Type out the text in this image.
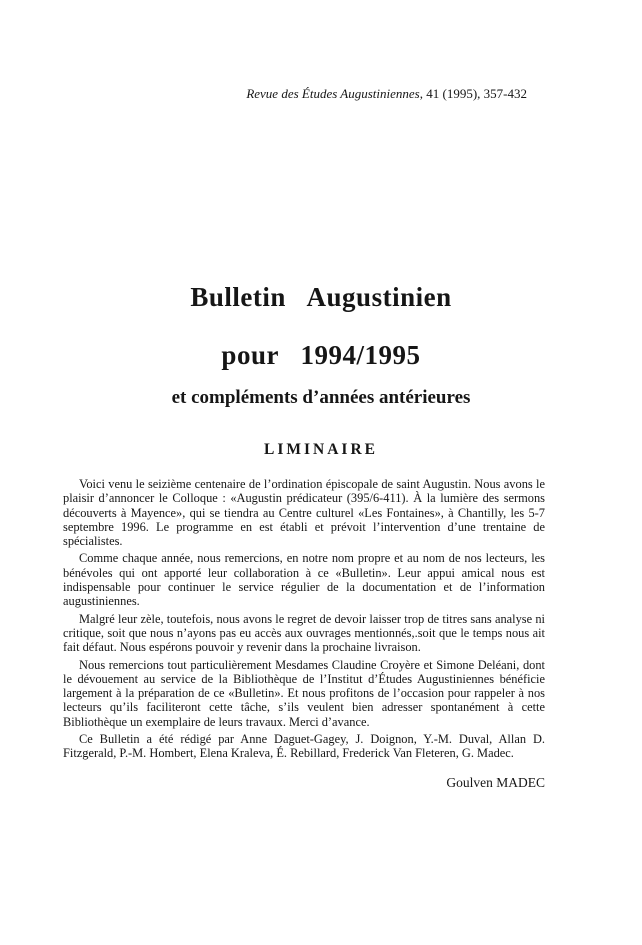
Revue des Études Augustiniennes, 41 (1995), 357-432
Bulletin Augustinien
pour 1994/1995
et compléments d’années antérieures
LIMINAIRE

Voici venu le seizième centenaire de l’ordination épiscopale de saint Augustin. Nous avons le plaisir d’annoncer le Colloque : «Augustin prédicateur (395/6-411). À la lumière des sermons découverts à Mayence», qui se tiendra au Centre culturel «Les Fontaines», à Chantilly, les 5-7 septembre 1996. Le programme en est établi et prévoit l’intervention d’une trentaine de spécialistes.

Comme chaque année, nous remercions, en notre nom propre et au nom de nos lecteurs, les bénévoles qui ont apporté leur collaboration à ce «Bulletin». Leur appui amical nous est indispensable pour continuer le service régulier de la documentation et de l’information augustiniennes.

Malgré leur zèle, toutefois, nous avons le regret de devoir laisser trop de titres sans analyse ni critique, soit que nous n’ayons pas eu accès aux ouvrages mentionnés,.soit que le temps nous ait fait défaut. Nous espérons pouvoir y revenir dans la prochaine livraison.

Nous remercions tout particulièrement Mesdames Claudine Croyère et Simone Deléani, dont le dévouement au service de la Bibliothèque de l’Institut d’Études Augustiniennes bénéficie largement à la préparation de ce «Bulletin». Et nous profitons de l’occasion pour rappeler à nos lecteurs qu’ils faciliteront cette tâche, s’ils veulent bien adresser spontanément à cette Bibliothèque un exemplaire de leurs travaux. Merci d’avance.

Ce Bulletin a été rédigé par Anne Daguet-Gagey, J. Doignon, Y.-M. Duval, Allan D. Fitzgerald, P.-M. Hombert, Elena Kraleva, É. Rebillard, Frederick Van Fleteren, G. Madec.

Goulven MADEC
